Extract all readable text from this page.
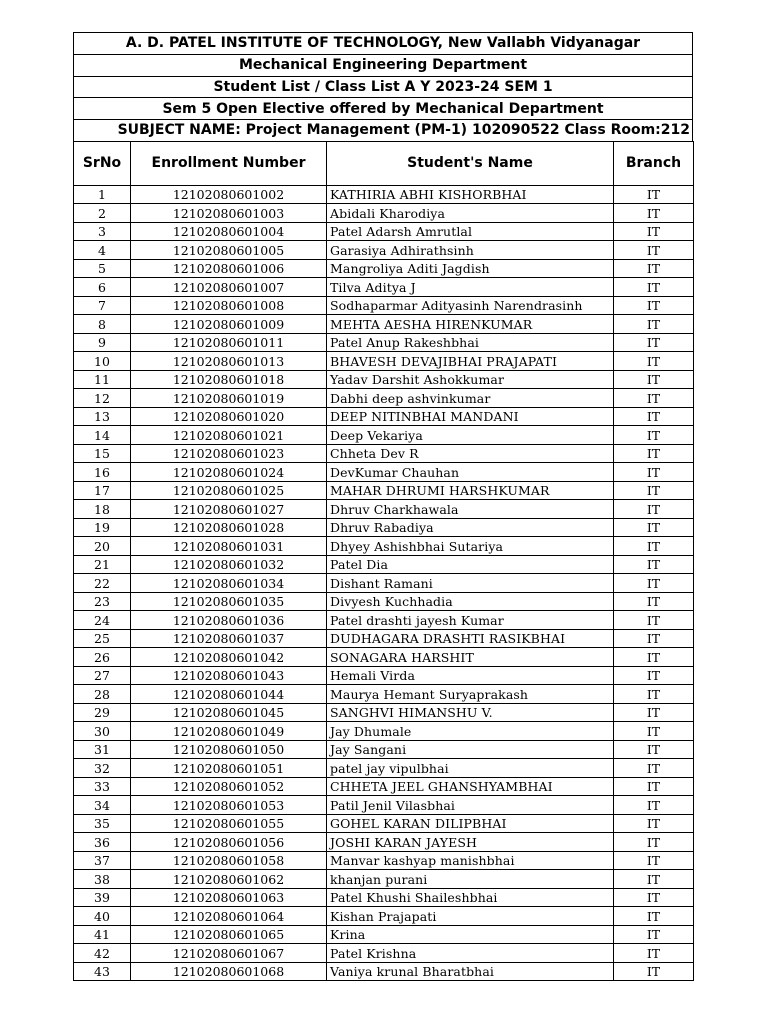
A. D. PATEL INSTITUTE OF TECHNOLOGY, New Vallabh Vidyanagar
Mechanical Engineering Department
Student List / Class List A Y 2023-24 SEM 1
Sem 5 Open Elective offered by Mechanical Department
SUBJECT NAME: Project Management (PM-1) 102090522 Class Room:212
SrNo	Enrollment Number	Student's Name	Branch
1	12102080601002	KATHIRIA ABHI KISHORBHAI	IT
2	12102080601003	Abidali Kharodiya	IT
3	12102080601004	Patel Adarsh Amrutlal	IT
4	12102080601005	Garasiya Adhirathsinh	IT
5	12102080601006	Mangroliya Aditi Jagdish	IT
6	12102080601007	Tilva Aditya J	IT
7	12102080601008	Sodhaparmar Adityasinh Narendrasinh	IT
8	12102080601009	MEHTA AESHA HIRENKUMAR	IT
9	12102080601011	Patel Anup Rakeshbhai	IT
10	12102080601013	BHAVESH DEVAJIBHAI PRAJAPATI	IT
11	12102080601018	Yadav Darshit Ashokkumar	IT
12	12102080601019	Dabhi deep ashvinkumar	IT
13	12102080601020	DEEP NITINBHAI MANDANI	IT
14	12102080601021	Deep Vekariya	IT
15	12102080601023	Chheta Dev R	IT
16	12102080601024	DevKumar Chauhan	IT
17	12102080601025	MAHAR DHRUMI HARSHKUMAR	IT
18	12102080601027	Dhruv Charkhawala	IT
19	12102080601028	Dhruv Rabadiya	IT
20	12102080601031	Dhyey Ashishbhai Sutariya	IT
21	12102080601032	Patel Dia	IT
22	12102080601034	Dishant Ramani	IT
23	12102080601035	Divyesh Kuchhadia	IT
24	12102080601036	Patel drashti jayesh Kumar	IT
25	12102080601037	DUDHAGARA DRASHTI RASIKBHAI	IT
26	12102080601042	SONAGARA HARSHIT	IT
27	12102080601043	Hemali Virda	IT
28	12102080601044	Maurya Hemant Suryaprakash	IT
29	12102080601045	SANGHVI HIMANSHU V.	IT
30	12102080601049	Jay Dhumale	IT
31	12102080601050	Jay Sangani	IT
32	12102080601051	patel jay vipulbhai	IT
33	12102080601052	CHHETA JEEL GHANSHYAMBHAI	IT
34	12102080601053	Patil Jenil Vilasbhai	IT
35	12102080601055	GOHEL KARAN DILIPBHAI	IT
36	12102080601056	JOSHI KARAN JAYESH	IT
37	12102080601058	Manvar kashyap manishbhai	IT
38	12102080601062	khanjan purani	IT
39	12102080601063	Patel Khushi Shaileshbhai	IT
40	12102080601064	Kishan Prajapati	IT
41	12102080601065	Krina	IT
42	12102080601067	Patel Krishna	IT
43	12102080601068	Vaniya krunal Bharatbhai	IT
